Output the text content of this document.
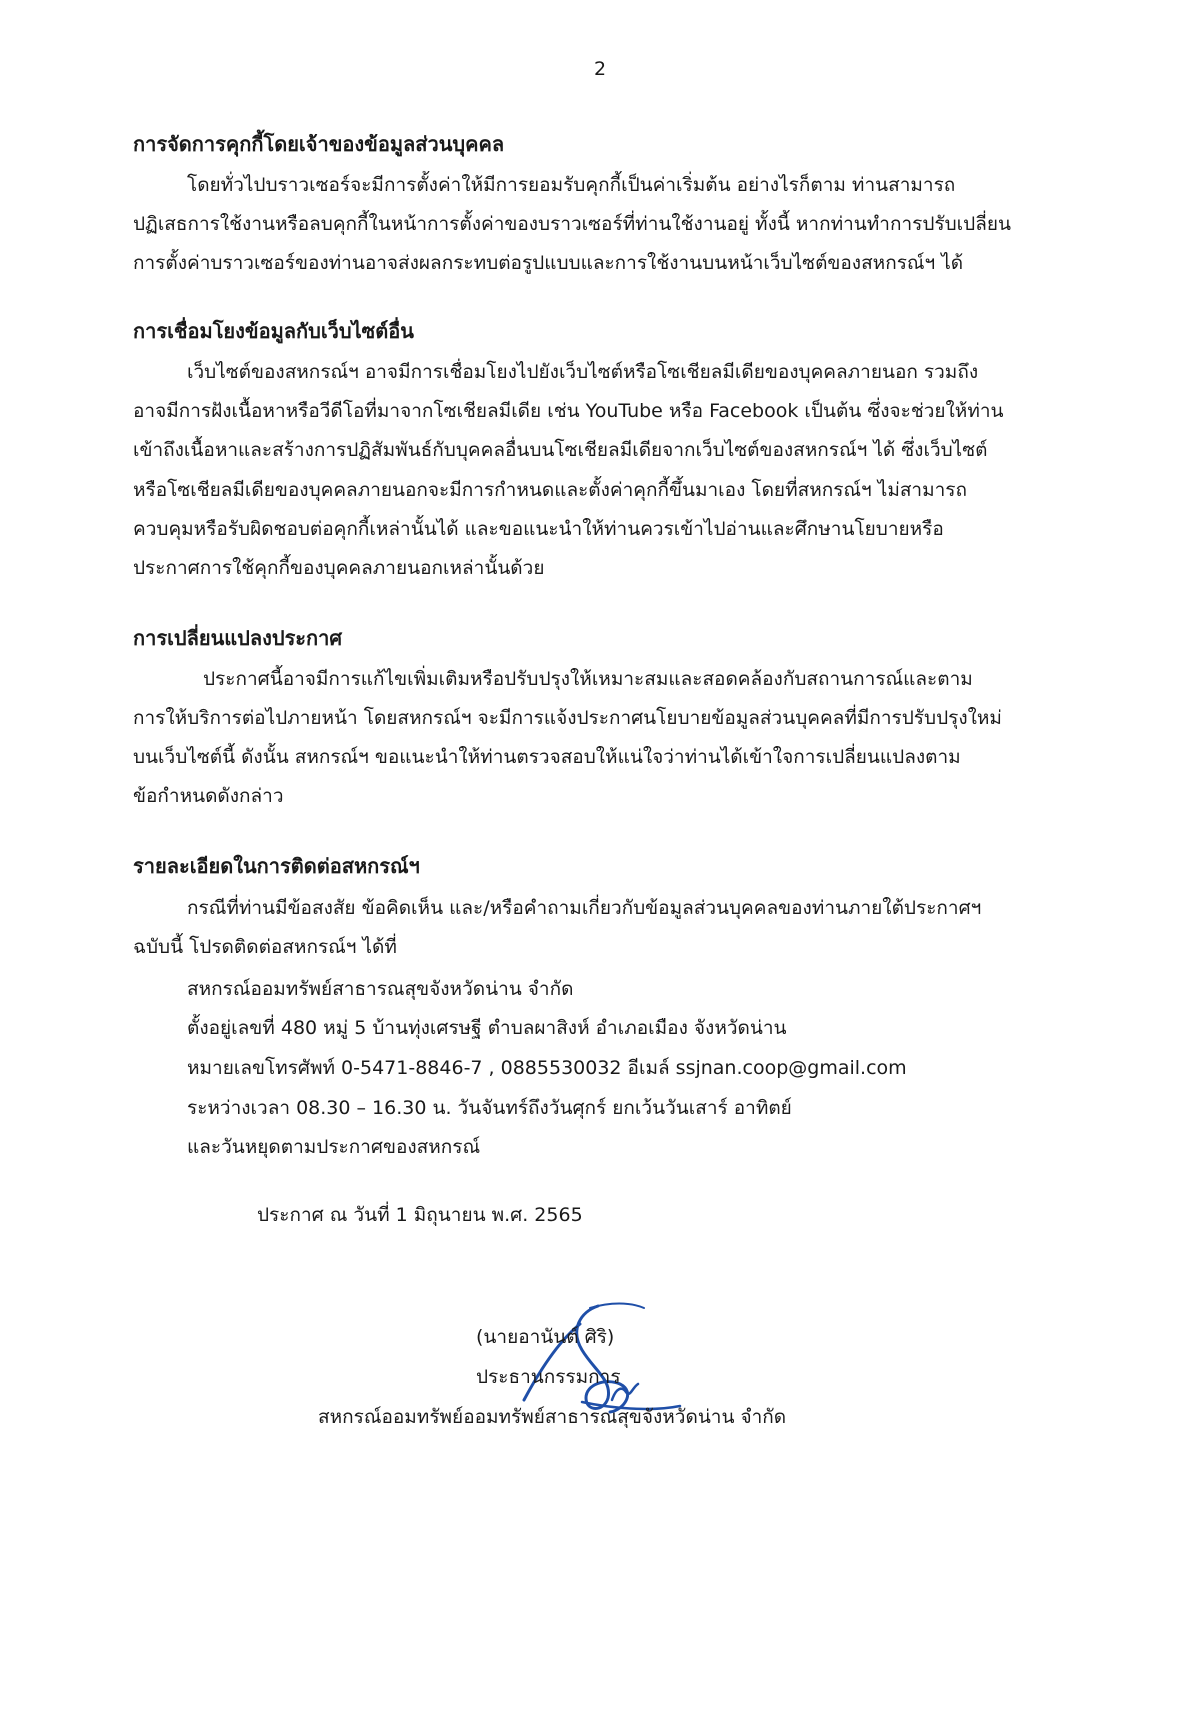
2
การจัดการคุกกี้โดยเจ้าของข้อมูลส่วนบุคคล
โดยทั่วไปบราวเซอร์จะมีการตั้งค่าให้มีการยอมรับคุกกี้เป็นค่าเริ่มต้น อย่างไรก็ตาม ท่านสามารถ
ปฏิเสธการใช้งานหรือลบคุกกี้ในหน้าการตั้งค่าของบราวเซอร์ที่ท่านใช้งานอยู่ ทั้งนี้ หากท่านทำการปรับเปลี่ยน
การตั้งค่าบราวเซอร์ของท่านอาจส่งผลกระทบต่อรูปแบบและการใช้งานบนหน้าเว็บไซต์ของสหกรณ์ฯ ได้
การเชื่อมโยงข้อมูลกับเว็บไซต์อื่น
เว็บไซต์ของสหกรณ์ฯ อาจมีการเชื่อมโยงไปยังเว็บไซต์หรือโซเชียลมีเดียของบุคคลภายนอก รวมถึง
อาจมีการฝังเนื้อหาหรือวีดีโอที่มาจากโซเชียลมีเดีย เช่น YouTube หรือ Facebook เป็นต้น ซึ่งจะช่วยให้ท่าน
เข้าถึงเนื้อหาและสร้างการปฏิสัมพันธ์กับบุคคลอื่นบนโซเชียลมีเดียจากเว็บไซต์ของสหกรณ์ฯ ได้ ซึ่งเว็บไซต์
หรือโซเชียลมีเดียของบุคคลภายนอกจะมีการกำหนดและตั้งค่าคุกกี้ขึ้นมาเอง โดยที่สหกรณ์ฯ ไม่สามารถ
ควบคุมหรือรับผิดชอบต่อคุกกี้เหล่านั้นได้ และขอแนะนำให้ท่านควรเข้าไปอ่านและศึกษานโยบายหรือ
ประกาศการใช้คุกกี้ของบุคคลภายนอกเหล่านั้นด้วย
การเปลี่ยนแปลงประกาศ
ประกาศนี้อาจมีการแก้ไขเพิ่มเติมหรือปรับปรุงให้เหมาะสมและสอดคล้องกับสถานการณ์และตาม
การให้บริการต่อไปภายหน้า โดยสหกรณ์ฯ จะมีการแจ้งประกาศนโยบายข้อมูลส่วนบุคคลที่มีการปรับปรุงใหม่
บนเว็บไซต์นี้ ดังนั้น สหกรณ์ฯ ขอแนะนำให้ท่านตรวจสอบให้แน่ใจว่าท่านได้เข้าใจการเปลี่ยนแปลงตาม
ข้อกำหนดดังกล่าว
รายละเอียดในการติดต่อสหกรณ์ฯ
กรณีที่ท่านมีข้อสงสัย ข้อคิดเห็น และ/หรือคำถามเกี่ยวกับข้อมูลส่วนบุคคลของท่านภายใต้ประกาศฯ
ฉบับนี้ โปรดติดต่อสหกรณ์ฯ ได้ที่
สหกรณ์ออมทรัพย์สาธารณสุขจังหวัดน่าน จำกัด
ตั้งอยู่เลขที่ 480 หมู่ 5 บ้านทุ่งเศรษฐี ตำบลผาสิงห์ อำเภอเมือง จังหวัดน่าน
หมายเลขโทรศัพท์ 0-5471-8846-7 , 0885530032 อีเมล์ ssjnan.coop@gmail.com
ระหว่างเวลา 08.30 – 16.30 น. วันจันทร์ถึงวันศุกร์ ยกเว้นวันเสาร์ อาทิตย์
และวันหยุดตามประกาศของสหกรณ์
ประกาศ ณ วันที่ 1 มิถุนายน พ.ศ. 2565
(นายอานันต์ ศิริ)
ประธานกรรมการ
สหกรณ์ออมทรัพย์ออมทรัพย์สาธารณสุขจังหวัดน่าน จำกัด
